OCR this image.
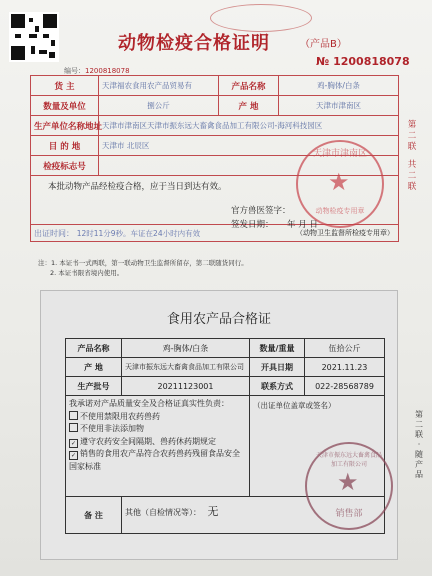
动物检疫合格证明	（产品B）
№ 1200818078
编号：1200818078
货 主	天津福农食用农产品贸易有	产品名称	鸡-胸体/白条
数量及单位	捌公斤	产 地	天津市津南区
生产单位名称地址	天津市津南区天津市振东远大畜禽食品加工有限公司-海河科技园区		
目 的 地	天津市 北辰区		
检疫标志号			

本批动物产品经检疫合格，应于当日到达有效。
官方兽医签字：
签发日期： 年 月 日			

出证时间： 12时11分9秒。车证在24小时内有效 （动物卫生监督所检疫专用章）			
天津市津南区
★
动物检疫专用章
第
二
联
共
二
联
注：1. 本证书一式两联，第一联动物卫生监督所留存，第二联随货同行。
2. 本证书限省境内使用。
食用农产品合格证
产品名称	鸡-胸体/白条	数量/重量	伍拾公斤
产 地	天津市振东远大畜禽食品加工有限公司	开具日期	2021.11.23
生产批号	20211123001	联系方式	022-28568789

我承诺对产品质量安全及合格证真实性负责：
不使用禁限用农药兽药
不使用非法添加物
✓ 遵守农药安全间隔期、兽药休药期规定
✓ 销售的食用农产品符合农药兽药残留食品安全国家标准		（出证单位盖章或签名）	
备 注	其他（自检情况等）： 无		
天津市振东远大畜禽食品加工有限公司
★
销售部
第
二
联
·
随
产
品
